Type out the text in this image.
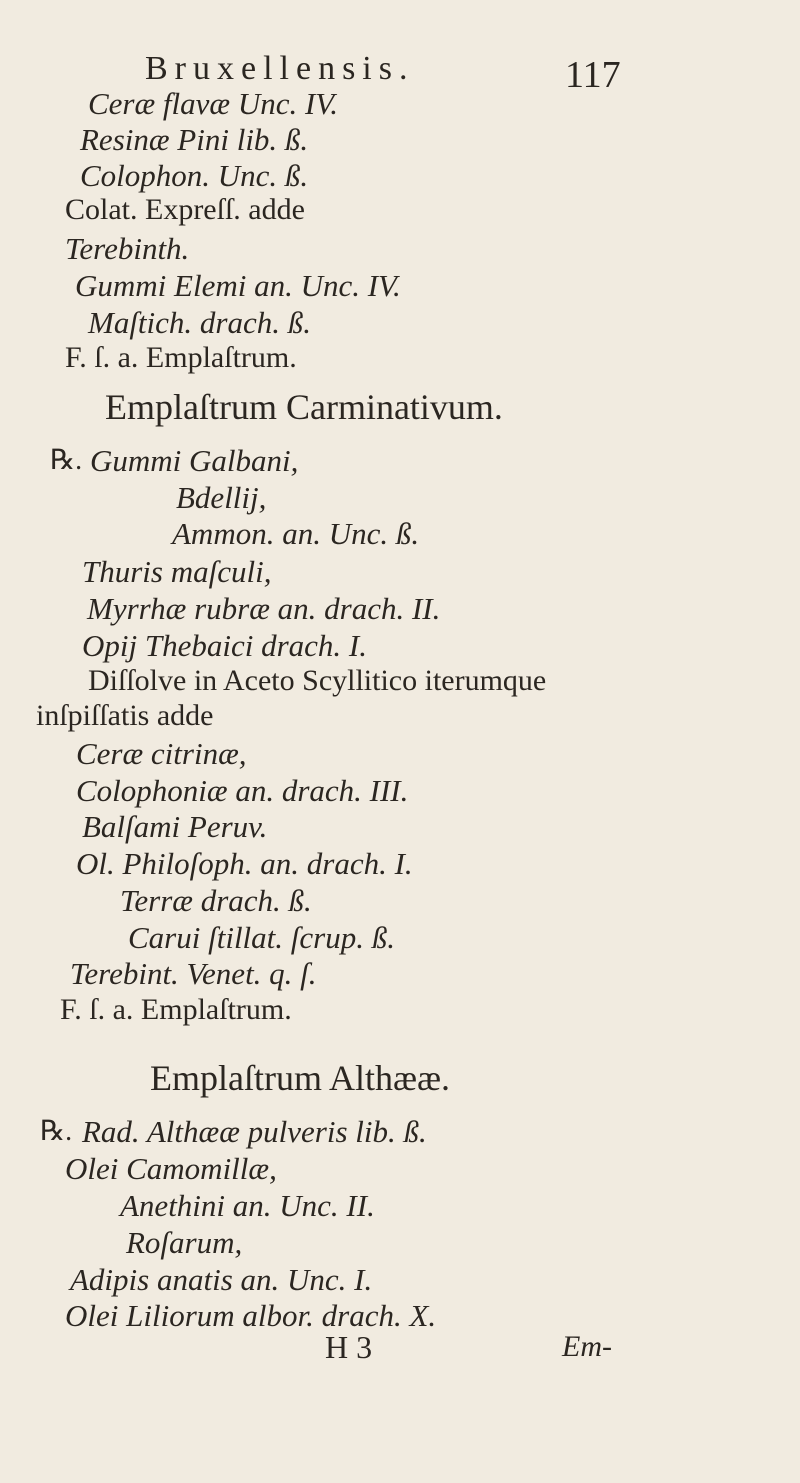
Bruxellensis.	117
Ceræ flavæ Unc. IV.
Resinæ Pini lib. ß.
Colophon. Unc. ß.
Colat. Expreſſ. adde
Terebinth.
Gummi Elemi an. Unc. IV.
Maſtich. drach. ß.
F. ſ. a. Emplaſtrum.
Emplaſtrum Carminativum.
℞. Gummi Galbani,
Bdellij,
Ammon. an. Unc. ß.
Thuris maſculi,
Myrrhæ rubræ an. drach. II.
Opij Thebaici drach. I.
Diſſolve in Aceto Scyllitico iterumque
inſpiſſatis adde
Ceræ citrinæ,
Colophoniæ an. drach. III.
Balſami Peruv.
Ol. Philoſoph. an. drach. I.
Terræ drach. ß.
Carui ſtillat. ſcrup. ß.
Terebint. Venet. q. ſ.
F. ſ. a. Emplaſtrum.
Emplaſtrum Althææ.
℞. Rad. Althææ pulveris lib. ß.
Olei Camomillæ,
Anethini an. Unc. II.
Roſarum,
Adipis anatis an. Unc. I.
Olei Liliorum albor. drach. X.
H 3	Em-
